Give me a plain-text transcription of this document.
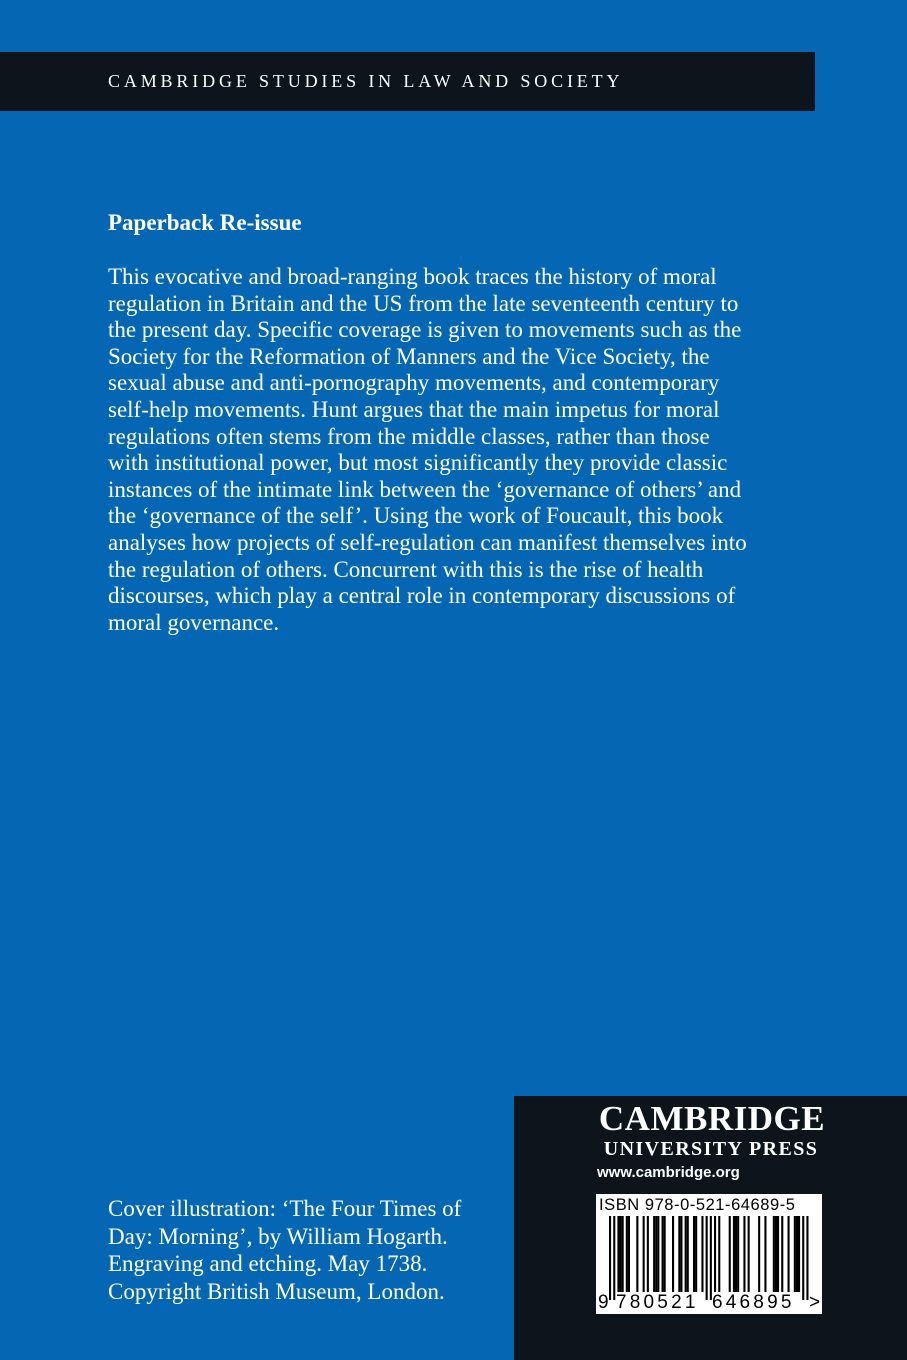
CAMBRIDGE STUDIES IN LAW AND SOCIETY
Paperback Re-issue
This evocative and broad-ranging book traces the history of moral
regulation in Britain and the US from the late seventeenth century to
the present day. Specific coverage is given to movements such as the
Society for the Reformation of Manners and the Vice Society, the
sexual abuse and anti-pornography movements, and contemporary
self-help movements. Hunt argues that the main impetus for moral
regulations often stems from the middle classes, rather than those
with institutional power, but most significantly they provide classic
instances of the intimate link between the ‘governance of others’ and
the ‘governance of the self’. Using the work of Foucault, this book
analyses how projects of self-regulation can manifest themselves into
the regulation of others. Concurrent with this is the rise of health
discourses, which play a central role in contemporary discussions of
moral governance.
Cover illustration: ‘The Four Times of
Day: Morning’, by William Hogarth.
Engraving and etching. May 1738.
Copyright British Museum, London.
CAMBRIDGE
UNIVERSITY PRESS
www.cambridge.org
ISBN 978-0-521-64689-5
9 780521 646895 >
